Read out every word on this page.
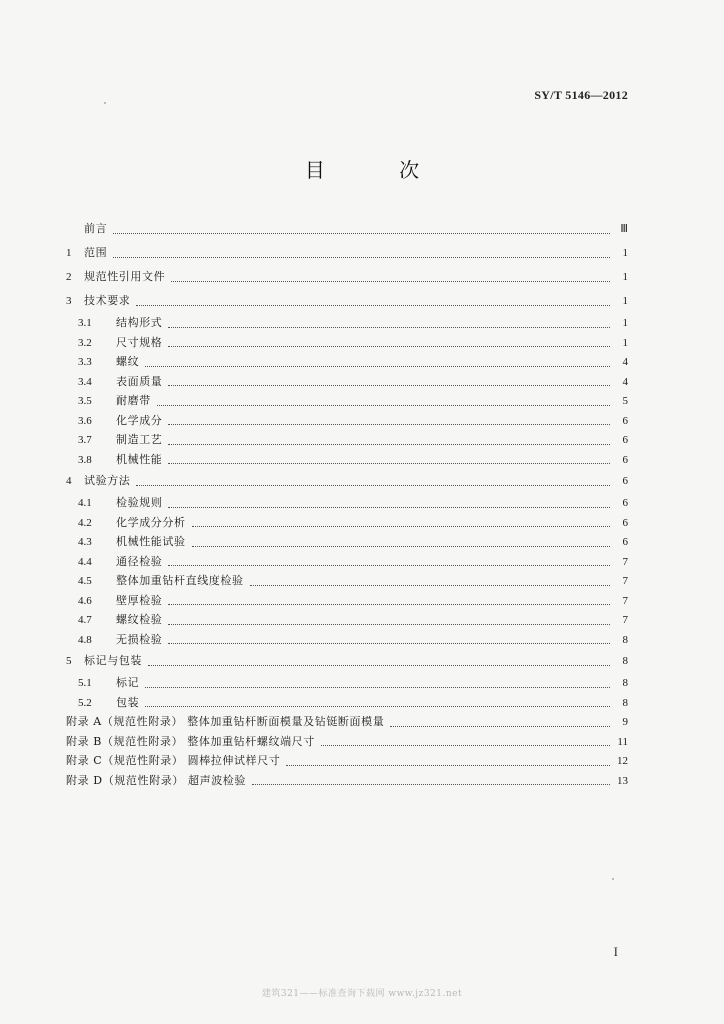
SY/T 5146—2012
目 次
前言	Ⅲ
1	范围	1
2	规范性引用文件	1
3	技术要求	1
3.1	结构形式	1
3.2	尺寸规格	1
3.3	螺纹	4
3.4	表面质量	4
3.5	耐磨带	5
3.6	化学成分	6
3.7	制造工艺	6
3.8	机械性能	6
4	试验方法	6
4.1	检验规则	6
4.2	化学成分分析	6
4.3	机械性能试验	6
4.4	通径检验	7
4.5	整体加重钻杆直线度检验	7
4.6	壁厚检验	7
4.7	螺纹检验	7
4.8	无损检验	8
5	标记与包装	8
5.1	标记	8
5.2	包装	8
附录 A（规范性附录） 整体加重钻杆断面模量及钻铤断面模量	9
附录 B（规范性附录） 整体加重钻杆螺纹端尺寸	11
附录 C（规范性附录） 圆棒拉伸试样尺寸	12
附录 D（规范性附录） 超声波检验	13
I
建筑321——标准查询下载网 www.jz321.net
